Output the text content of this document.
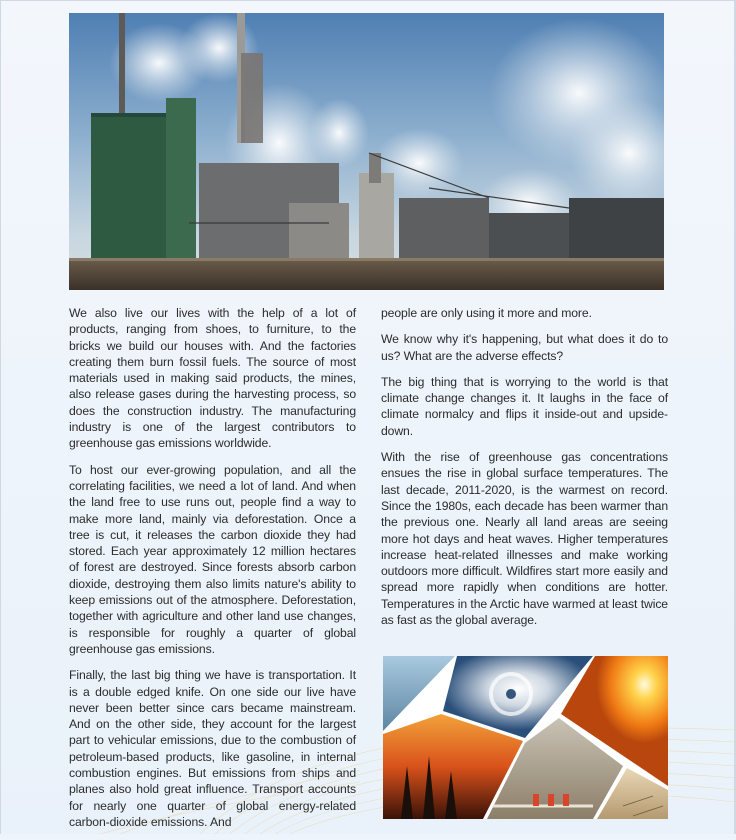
We also live our lives with the help of a lot of products, ranging from shoes, to furniture, to the bricks we build our houses with. And the factories creating them burn fossil fuels. The source of most materials used in making said products, the mines, also release gases during the harvesting process, so does the construction industry. The manufacturing industry is one of the largest contributors to greenhouse gas emissions worldwide.

To host our ever-growing population, and all the correlating facilities, we need a lot of land. And when the land free to use runs out, people find a way to make more land, mainly via deforestation. Once a tree is cut, it releases the carbon dioxide they had stored. Each year approximately 12 million hectares of forest are destroyed. Since forests absorb carbon dioxide, destroying them also limits nature's ability to keep emissions out of the atmosphere. Deforestation, together with agriculture and other land use changes, is responsible for roughly a quarter of global greenhouse gas emissions.

Finally, the last big thing we have is transportation. It is a double edged knife. On one side our live have never been better since cars became mainstream. And on the other side, they account for the largest part to vehicular emissions, due to the combustion of petroleum-based products, like gasoline, in internal combustion engines. But emissions from ships and planes also hold great influence. Transport accounts for nearly one quarter of global energy-related carbon-dioxide emissions. And

people are only using it more and more.

We know why it's happening, but what does it do to us? What are the adverse effects?

The big thing that is worrying to the world is that climate change changes it. It laughs in the face of climate normalcy and flips it inside-out and upside-down.

With the rise of greenhouse gas concentrations ensues the rise in global surface temperatures. The last decade, 2011-2020, is the warmest on record. Since the 1980s, each decade has been warmer than the previous one. Nearly all land areas are seeing more hot days and heat waves. Higher temperatures increase heat-related illnesses and make working outdoors more difficult. Wildfires start more easily and spread more rapidly when conditions are hotter. Temperatures in the Arctic have warmed at least twice as fast as the global average.
